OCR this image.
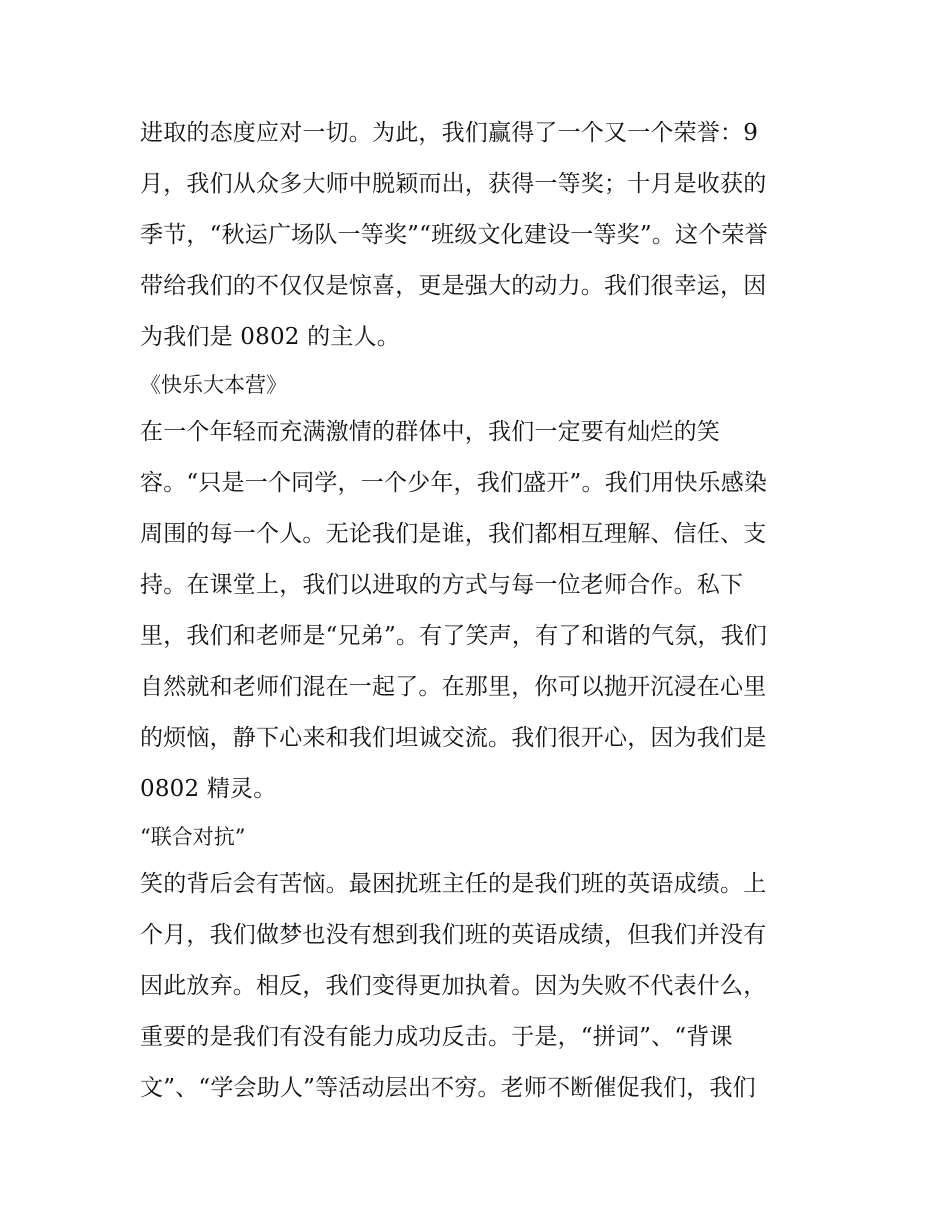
进取的态度应对一切。为此，我们赢得了一个又一个荣誉：9
月，我们从众多大师中脱颖而出，获得一等奖；十月是收获的
季节，“秋运广场队一等奖”“班级文化建设一等奖”。这个荣誉
带给我们的不仅仅是惊喜，更是强大的动力。我们很幸运，因
为我们是 0802 的主人。
《快乐大本营》
在一个年轻而充满激情的群体中，我们一定要有灿烂的笑
容。“只是一个同学，一个少年，我们盛开”。我们用快乐感染
周围的每一个人。无论我们是谁，我们都相互理解、信任、支
持。在课堂上，我们以进取的方式与每一位老师合作。私下
里，我们和老师是“兄弟”。有了笑声，有了和谐的气氛，我们
自然就和老师们混在一起了。在那里，你可以抛开沉浸在心里
的烦恼，静下心来和我们坦诚交流。我们很开心，因为我们是
0802 精灵。
“联合对抗”
笑的背后会有苦恼。最困扰班主任的是我们班的英语成绩。上
个月，我们做梦也没有想到我们班的英语成绩，但我们并没有
因此放弃。相反，我们变得更加执着。因为失败不代表什么，
重要的是我们有没有能力成功反击。于是，“拼词”、“背课
文”、“学会助人”等活动层出不穷。老师不断催促我们，我们
